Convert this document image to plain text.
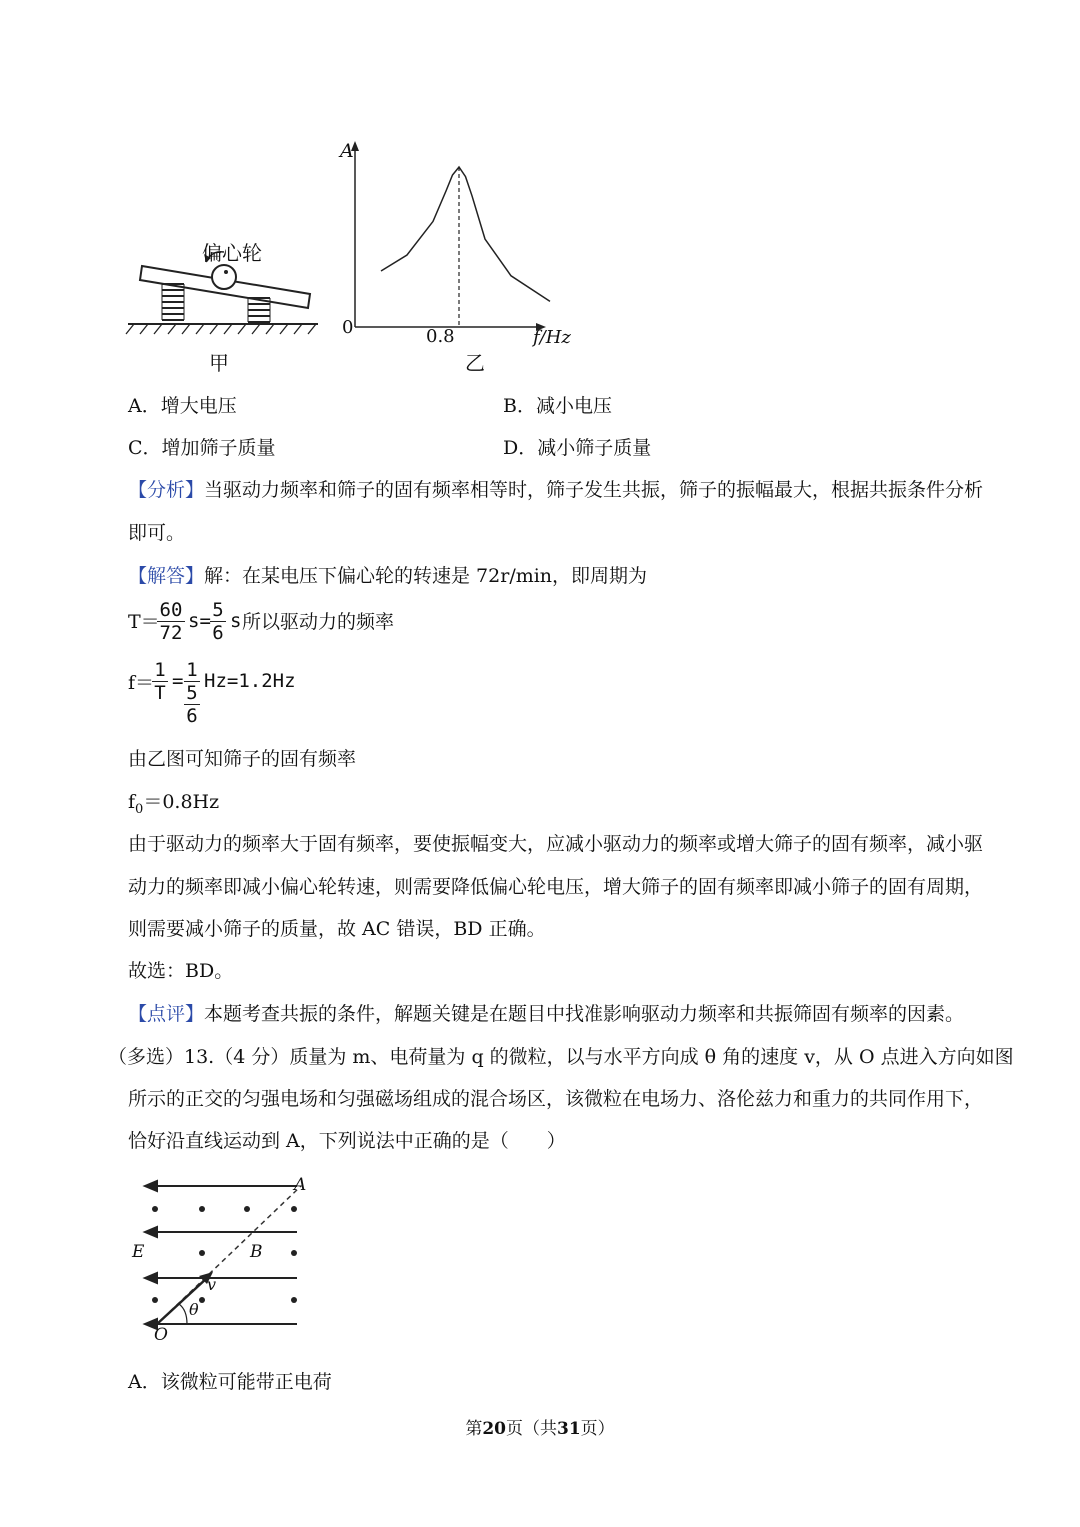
偏心轮
甲
A
0	0.8	f/Hz
乙
A．增大电压	B．减小电压
C．增加筛子质量	D．减小筛子质量
【分析】当驱动力频率和筛子的固有频率相等时，筛子发生共振，筛子的振幅最大，根据共振条件分析
即可。
【解答】解：在某电压下偏心轮的转速是 72r/min，即周期为
T＝
$\frac{60}{72} s= \frac{5}{6}$ s 所以驱动力的频率
f＝
$\frac{1}{T} = 1$
5
6
Hz=1.2Hz
由乙图可知筛子的固有频率
$f_0=0.8Hz$
由于驱动力的频率大于固有频率，要使振幅变大，应减小驱动力的频率或增大筛子的固有频率，减小驱
动力的频率即减小偏心轮转速，则需要降低偏心轮电压，增大筛子的固有频率即减小筛子的固有周期，
则需要减小筛子的质量，故 AC 错误，BD 正确。
故选：BD。
【点评】本题考查共振的条件，解题关键是在题目中找准影响驱动力频率和共振筛固有频率的因素。
（多选）13.（4 分）质量为 m、电荷量为 q 的微粒，以与水平方向成 θ 角的速度 v，从 O 点进入方向如图
所示的正交的匀强电场和匀强磁场组成的混合场区，该微粒在电场力、洛伦兹力和重力的共同作用下，
恰好沿直线运动到 A，下列说法中正确的是（　　）
A
E	B
v
θ
O
A．该微粒可能带正电荷
第20页（共31页）
